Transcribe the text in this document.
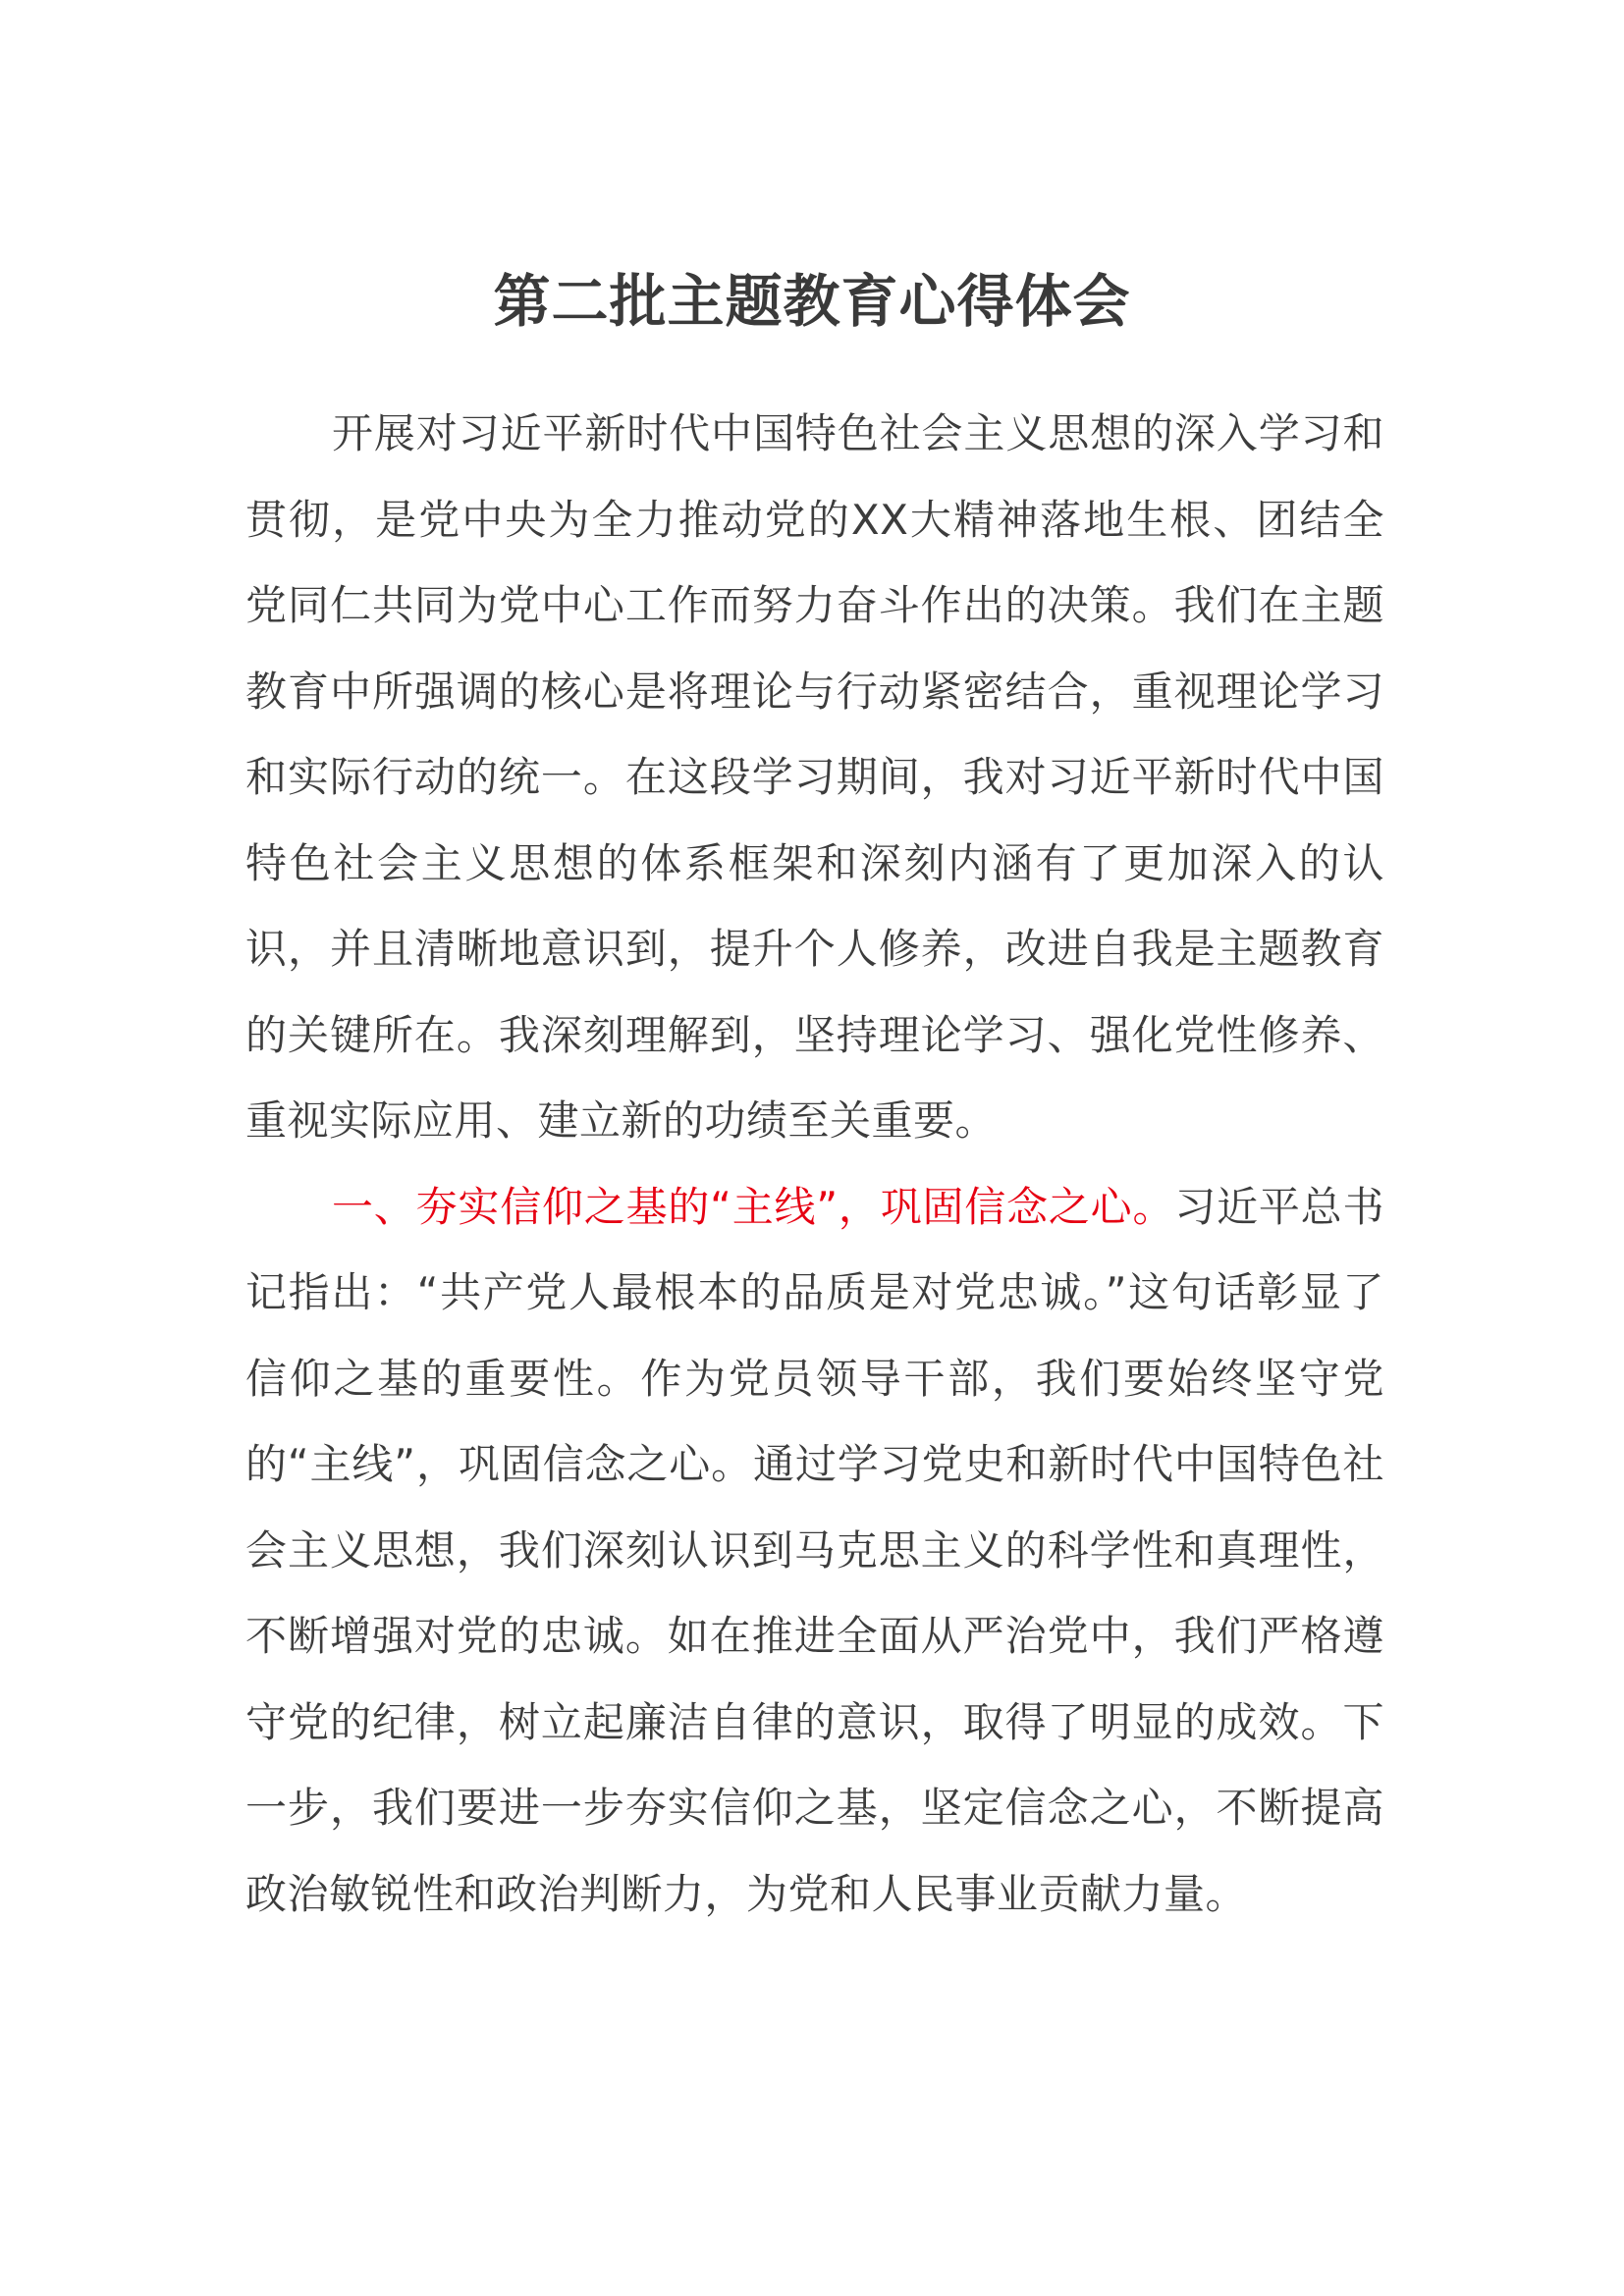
第二批主题教育心得体会

开展对习近平新时代中国特色社会主义思想的深入学习和贯彻，是党中央为全力推动党的XX大精神落地生根、团结全党同仁共同为党中心工作而努力奋斗作出的决策。我们在主题教育中所强调的核心是将理论与行动紧密结合，重视理论学习和实际行动的统一。在这段学习期间，我对习近平新时代中国特色社会主义思想的体系框架和深刻内涵有了更加深入的认识，并且清晰地意识到，提升个人修养，改进自我是主题教育的关键所在。我深刻理解到，坚持理论学习、强化党性修养、重视实际应用、建立新的功绩至关重要。

一、夯实信仰之基的“主线”，巩固信念之心。习近平总书记指出：“共产党人最根本的品质是对党忠诚。”这句话彰显了信仰之基的重要性。作为党员领导干部，我们要始终坚守党的“主线”，巩固信念之心。通过学习党史和新时代中国特色社会主义思想，我们深刻认识到马克思主义的科学性和真理性，不断增强对党的忠诚。如在推进全面从严治党中，我们严格遵守党的纪律，树立起廉洁自律的意识，取得了明显的成效。下一步，我们要进一步夯实信仰之基，坚定信念之心，不断提高政治敏锐性和政治判断力，为党和人民事业贡献力量。
